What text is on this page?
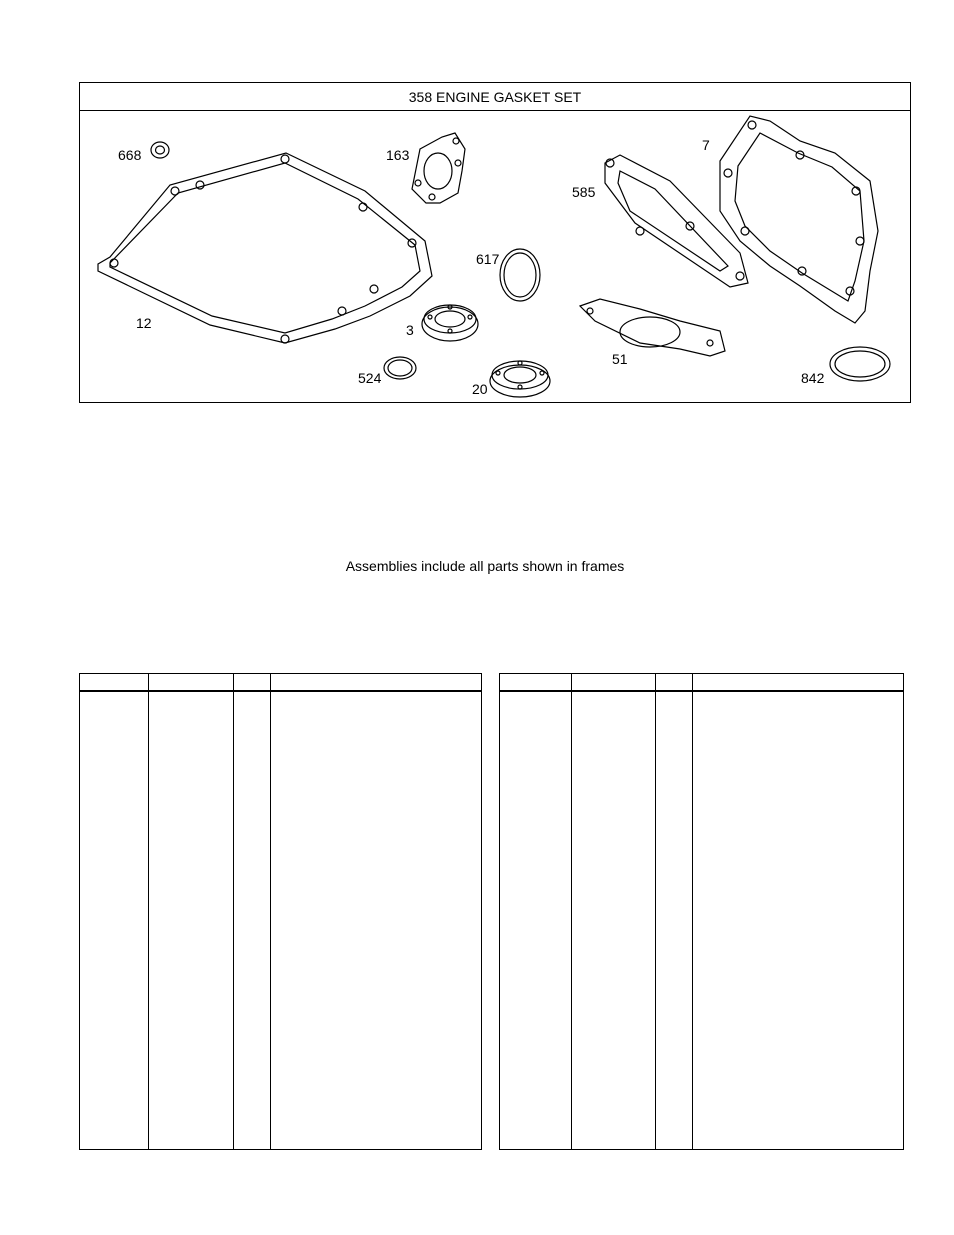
358 ENGINE GASKET SET
668	163
7
585
617
12	3
524
20
51
842
Assemblies include all parts shown in frames
